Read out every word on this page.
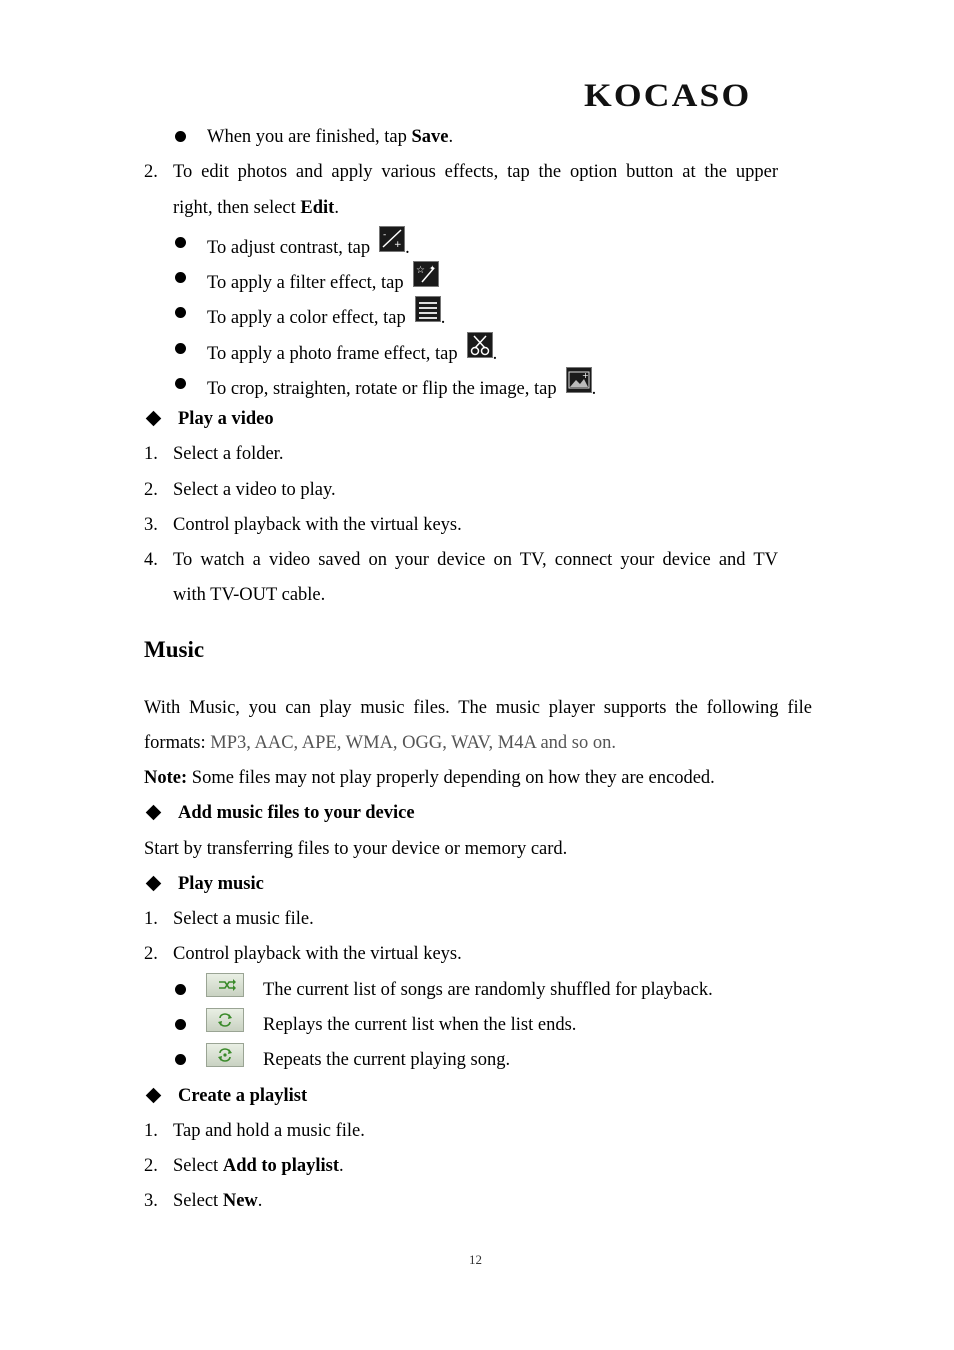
KOCASO
When you are finished, tap Save.
2. To edit photos and apply various effects, tap the option button at the upper
right, then select Edit.
To adjust contrast, tap	+
-
.
To apply a filter effect, tap
☆ ✦
To apply a color effect, tap .
To apply a photo frame effect, tap .
To crop, straighten, rotate or flip the image, tap
+
.
Play a video
1. Select a folder.
2. Select a video to play.
3. Control playback with the virtual keys.
4. To watch a video saved on your device on TV, connect your device and TV
with TV-OUT cable.
Music
With Music, you can play music files. The music player supports the following file
formats: MP3, AAC, APE, WMA, OGG, WAV, M4A and so on.
Note: Some files may not play properly depending on how they are encoded.
Add music files to your device
Start by transferring files to your device or memory card.
Play music
1. Select a music file.
2. Control playback with the virtual keys.
The current list of songs are randomly shuffled for playback.
Replays the current list when the list ends.
Repeats the current playing song.
Create a playlist
1. Tap and hold a music file.
2. Select Add to playlist.
3. Select New.
12
